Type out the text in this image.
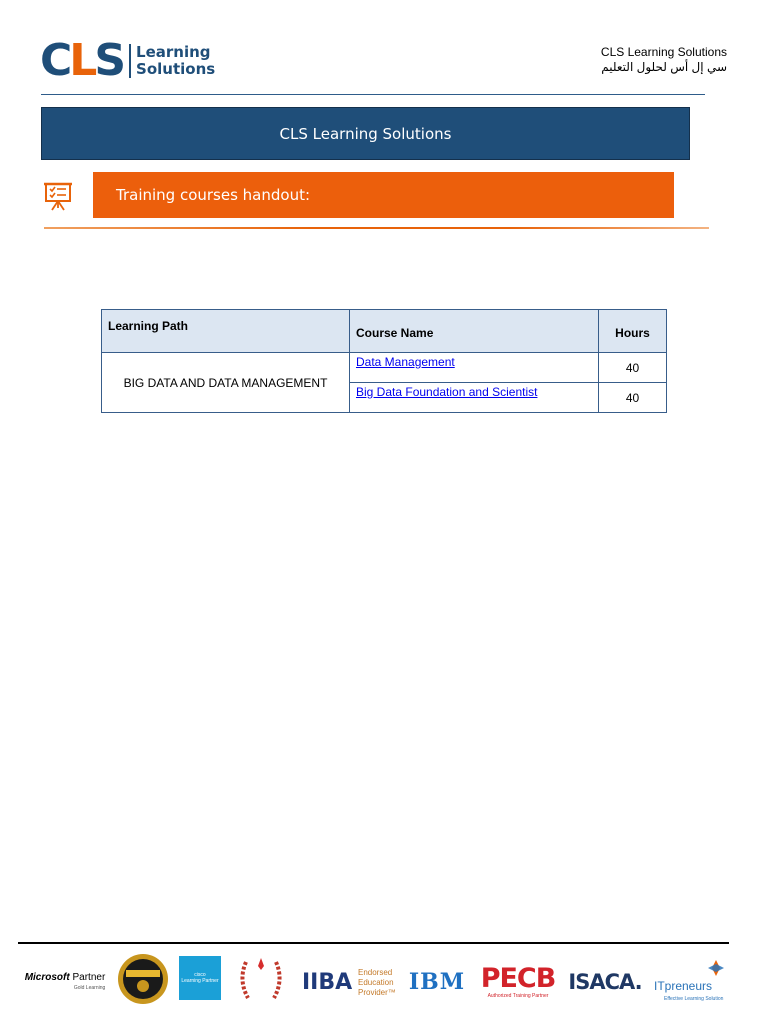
CLS Learning
Solutions
CLS Learning Solutions
سي إل أس لحلول التعليم
CLS Learning Solutions
Training courses handout:
Learning Path	Course Name	Hours
BIG DATA AND DATA MANAGEMENT	Data Management	40
	Big Data Foundation and Scientist	40
Microsoft Partner
Gold Learning
cisco
Learning Partner	IIBA Endorsed
Education
Provider™ IBM PECB
Authorized Training Partner
ISACA. ITpreneurs
Effective Learning Solution
